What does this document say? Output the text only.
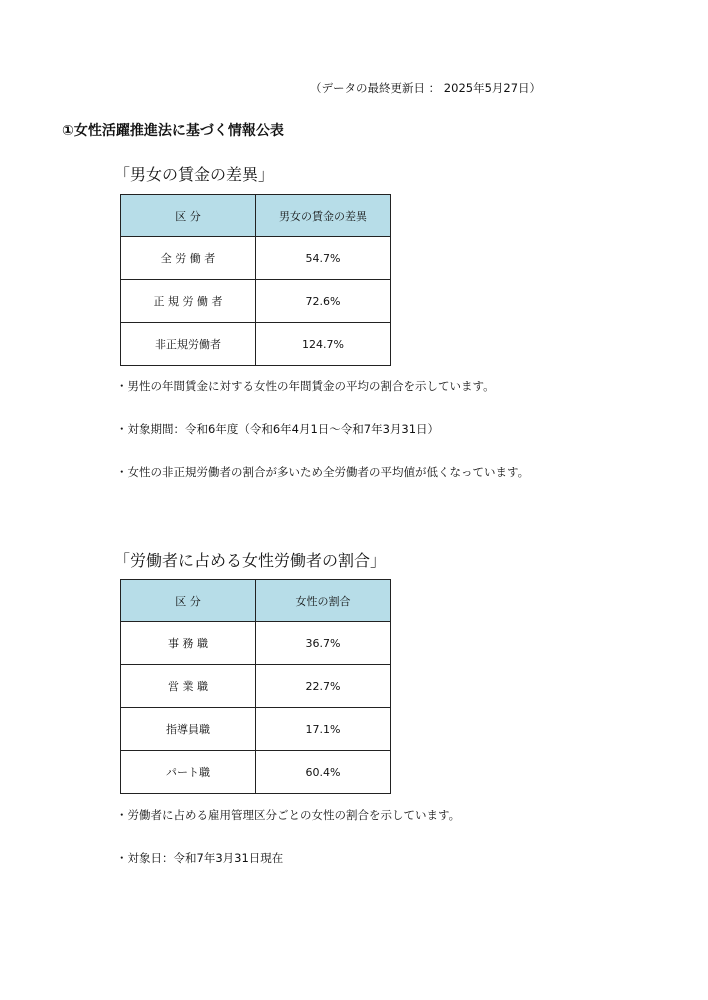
（データの最終更新日 ： 2025年5月27日）
①女性活躍推進法に基づく情報公表
「男女の賃金の差異」
区 分	男女の賃金の差異
全 労 働 者	54.7%
正 規 労 働 者	72.6%
非正規労働者	124.7%
・男性の年間賃金に対する女性の年間賃金の平均の割合を示しています。
・対象期間：令和6年度（令和6年4月1日～令和7年3月31日）
・女性の非正規労働者の割合が多いため全労働者の平均値が低くなっています。
「労働者に占める女性労働者の割合」
区 分	女性の割合
事 務 職	36.7%
営 業 職	22.7%
指導員職	17.1%
パート職	60.4%
・労働者に占める雇用管理区分ごとの女性の割合を示しています。
・対象日：令和7年3月31日現在
